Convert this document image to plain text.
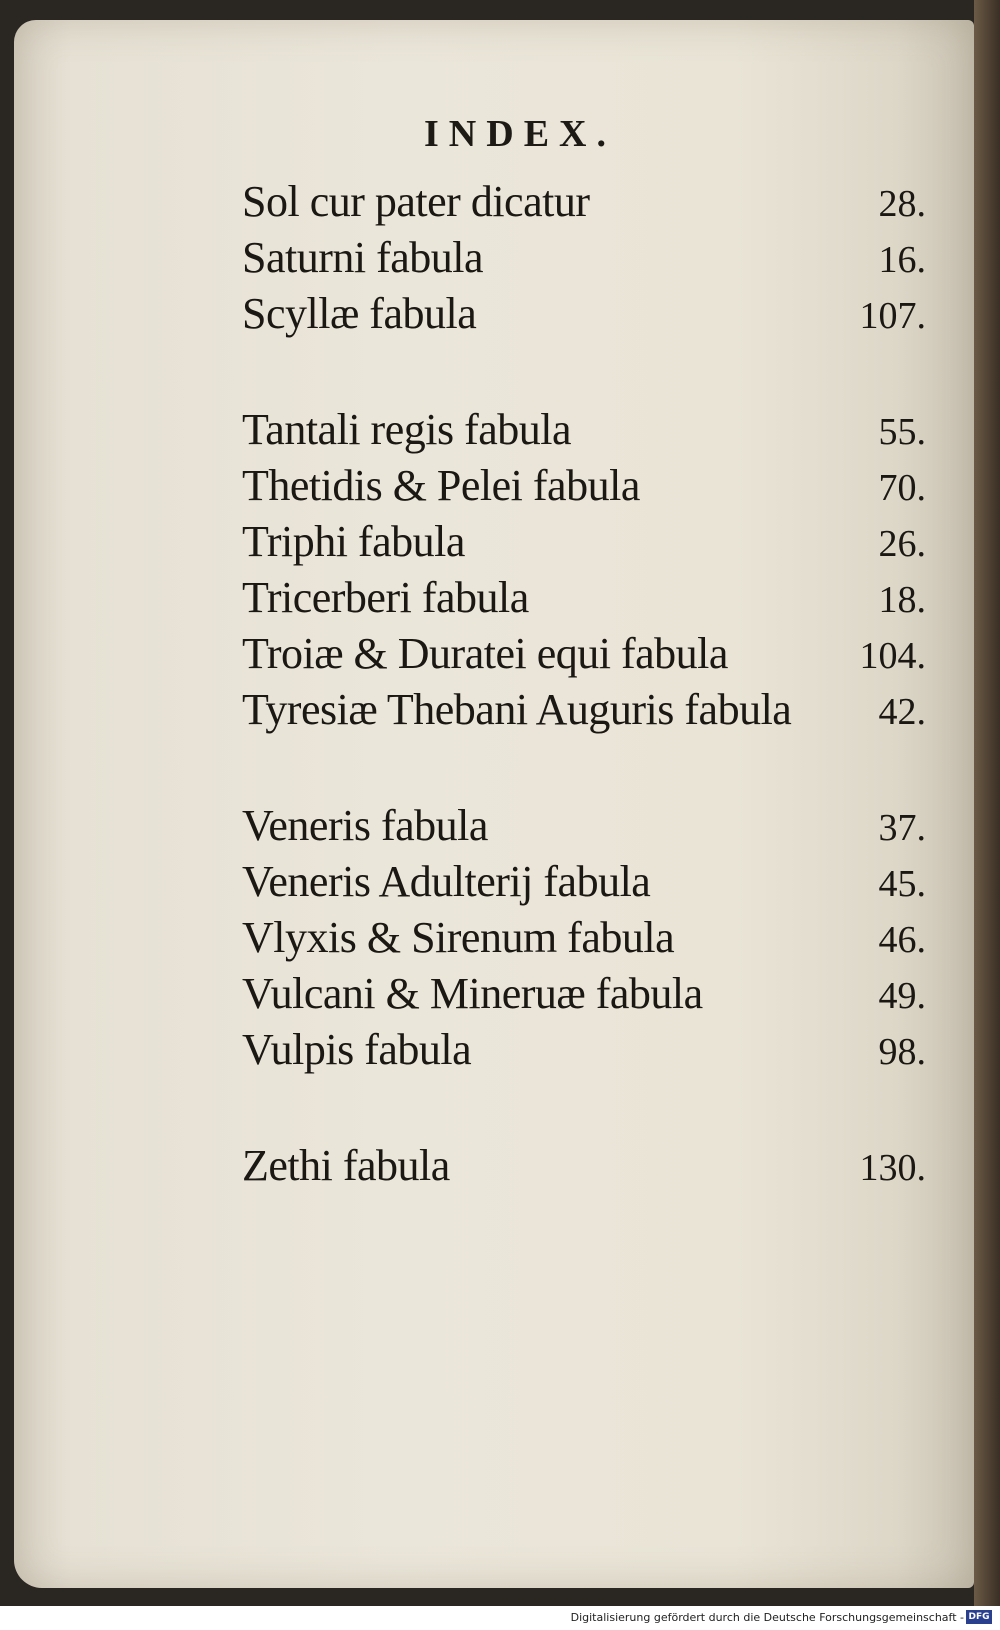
INDEX.
Sol cur pater dicatur	28.
Saturni fabula	16.
Scyllæ fabula	107.
Tantali regis fabula	55.
Thetidis & Pelei fabula	70.
Triphi fabula	26.
Tricerberi fabula	18.
Troiæ & Duratei equi fabula	104.
Tyresiæ Thebani Auguris fabula 42.
Veneris fabula	37.
Veneris Adulterij fabula	45.
Vlyxis & Sirenum fabula	46.
Vulcani & Mineruæ fabula	49.
Vulpis fabula	98.
Zethi fabula	130.
Digitalisierung gefördert durch die Deutsche Forschungsgemeinschaft - DFG
